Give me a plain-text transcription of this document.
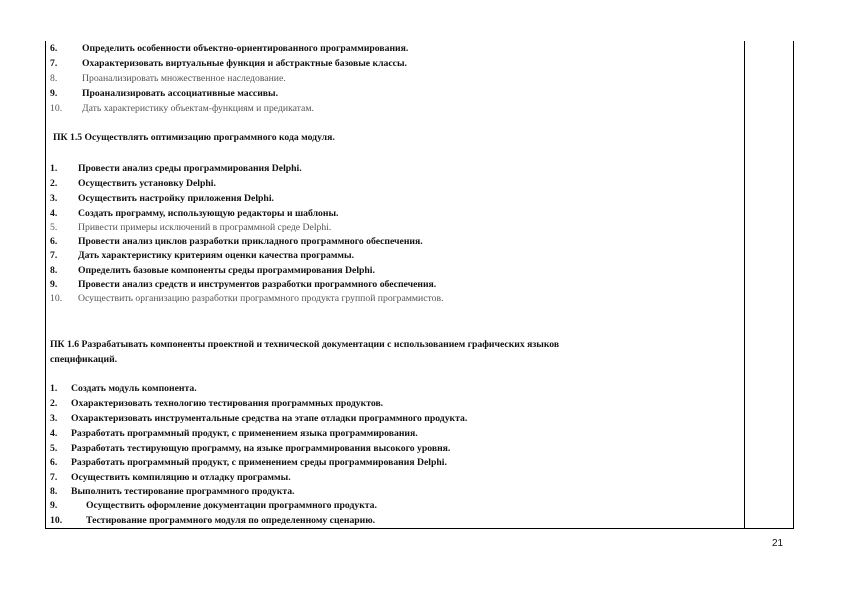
6.	Определить особенности объектно-ориентированного программирования.
7.	Охарактеризовать виртуальные функция и абстрактные базовые классы.
8.	Проанализировать множественное наследование.
9.	Проанализировать ассоциативные массивы.
10. Дать характеристику объектам-функциям и предикатам.
ПК 1.5 Осуществлять оптимизацию программного кода модуля.
1. Провести анализ среды программирования Delphi.
2. Осуществить установку Delphi.
3. Осуществить настройку приложения Delphi.
4. Создать программу, использующую редакторы и шаблоны.
5. Привести примеры исключений в программной среде Delphi.
6. Провести анализ циклов разработки прикладного программного обеспечения.
7. Дать характеристику критериям оценки качества программы.
8. Определить базовые компоненты среды программирования Delphi.
9. Провести анализ средств и инструментов разработки программного обеспечения.
10. Осуществить организацию разработки программного продукта группой программистов.
ПК 1.6 Разрабатывать компоненты проектной и технической документации с использованием графических языков
спецификаций.
1. Создать модуль компонента.
2. Охарактеризовать технологию тестирования программных продуктов.
3. Охарактеризовать инструментальные средства на этапе отладки программного продукта.
4. Разработать программный продукт, с применением языка программирования.
5. Разработать тестирующую программу, на языке программирования высокого уровня.
6. Разработать программный продукт, с применением среды программирования Delphi.
7. Осуществить компиляцию и отладку программы.
8. Выполнить тестирование программного продукта.
9.	Осуществить оформление документации программного продукта.
10. Тестирование программного модуля по определенному сценарию.
21
